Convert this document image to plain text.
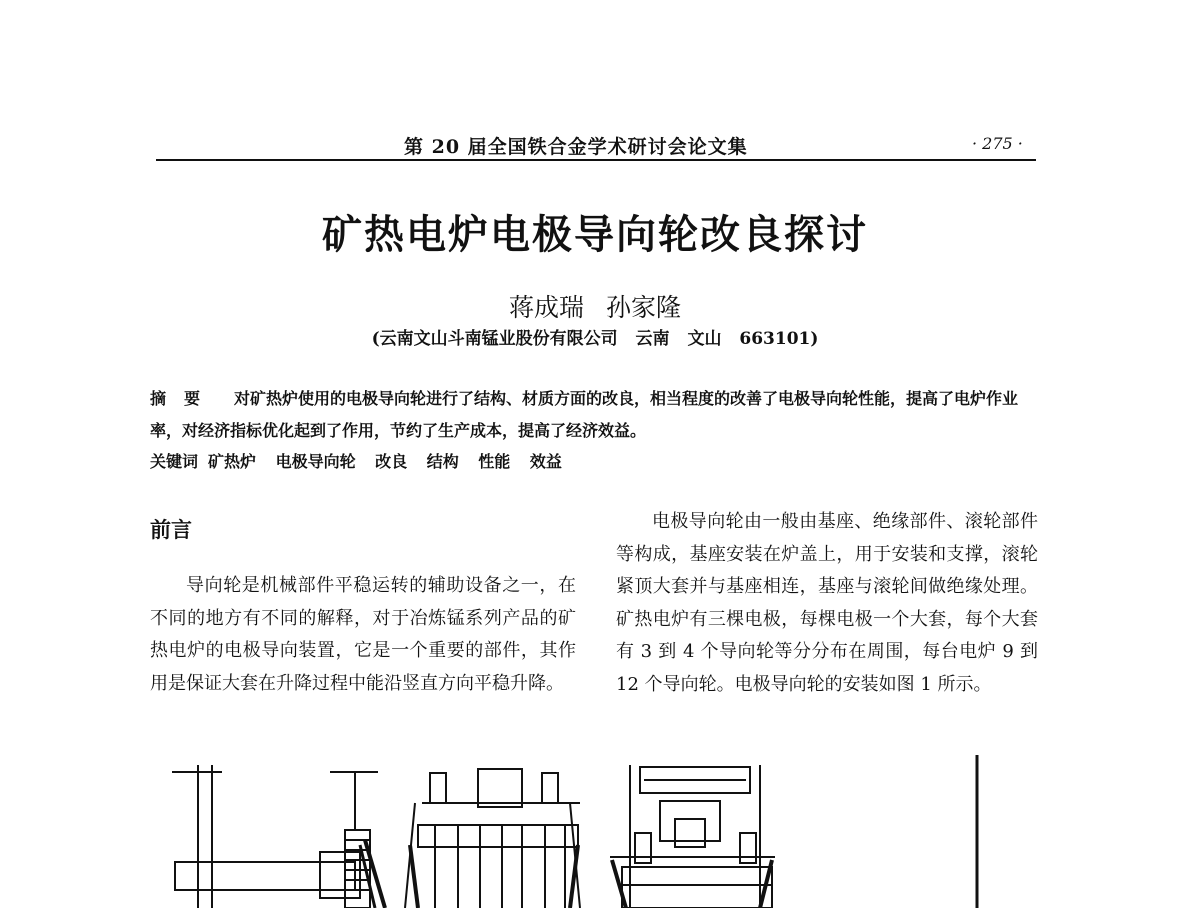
第 20 届全国铁合金学术研讨会论文集	· 275 ·
矿热电炉电极导向轮改良探讨
蒋成瑞 孙家隆
(云南文山斗南锰业股份有限公司 云南 文山 663101)
摘要 对矿热炉使用的电极导向轮进行了结构、材质方面的改良，相当程度的改善了电极导向轮性能，提高了电炉作业率，对经济指标优化起到了作用，节约了生产成本，提高了经济效益。
关键词 矿热炉 电极导向轮 改良 结构 性能 效益
前言

导向轮是机械部件平稳运转的辅助设备之一，在不同的地方有不同的解释，对于冶炼锰系列产品的矿热电炉的电极导向装置，它是一个重要的部件，其作用是保证大套在升降过程中能沿竖直方向平稳升降。

电极导向轮由一般由基座、绝缘部件、滚轮部件等构成，基座安装在炉盖上，用于安装和支撑，滚轮紧顶大套并与基座相连，基座与滚轮间做绝缘处理。矿热电炉有三棵电极，每棵电极一个大套，每个大套有 3 到 4 个导向轮等分分布在周围，每台电炉 9 到 12 个导向轮。电极导向轮的安装如图 1 所示。
